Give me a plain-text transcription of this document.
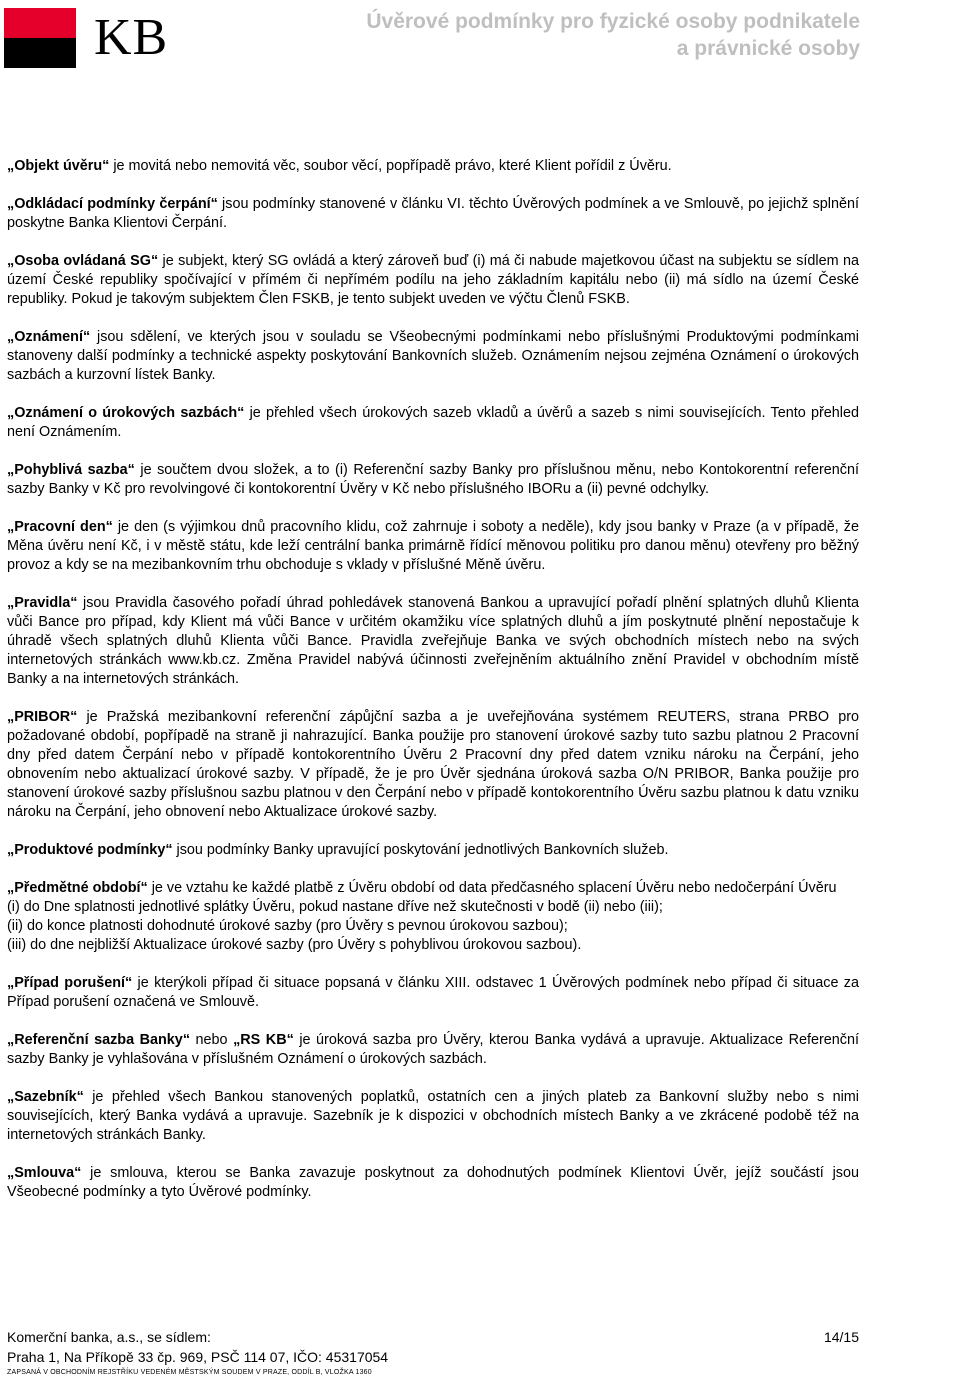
KB	Úvěrové podmínky pro fyzické osoby podnikatele
a právnické osoby

„Objekt úvěru“ je movitá nebo nemovitá věc, soubor věcí, popřípadě právo, které Klient pořídil z Úvěru.

„Odkládací podmínky čerpání“ jsou podmínky stanovené v článku VI. těchto Úvěrových podmínek a ve Smlouvě, po jejichž splnění poskytne Banka Klientovi Čerpání.

„Osoba ovládaná SG“ je subjekt, který SG ovládá a který zároveň buď (i) má či nabude majetkovou účast na subjektu se sídlem na území České republiky spočívající v přímém či nepřímém podílu na jeho základním kapitálu nebo (ii) má sídlo na území České republiky. Pokud je takovým subjektem Člen FSKB, je tento subjekt uveden ve výčtu Členů FSKB.

„Oznámení“ jsou sdělení, ve kterých jsou v souladu se Všeobecnými podmínkami nebo příslušnými Produktovými podmínkami stanoveny další podmínky a technické aspekty poskytování Bankovních služeb. Oznámením nejsou zejména Oznámení o úrokových sazbách a kurzovní lístek Banky.

„Oznámení o úrokových sazbách“ je přehled všech úrokových sazeb vkladů a úvěrů a sazeb s nimi souvisejících. Tento přehled není Oznámením.

„Pohyblivá sazba“ je součtem dvou složek, a to (i) Referenční sazby Banky pro příslušnou měnu, nebo Kontokorentní referenční sazby Banky v Kč pro revolvingové či kontokorentní Úvěry v Kč nebo příslušného IBORu a (ii) pevné odchylky.

„Pracovní den“ je den (s výjimkou dnů pracovního klidu, což zahrnuje i soboty a neděle), kdy jsou banky v Praze (a v případě, že Měna úvěru není Kč, i v městě státu, kde leží centrální banka primárně řídící měnovou politiku pro danou měnu) otevřeny pro běžný provoz a kdy se na mezibankovním trhu obchoduje s vklady v příslušné Měně úvěru.

„Pravidla“ jsou Pravidla časového pořadí úhrad pohledávek stanovená Bankou a upravující pořadí plnění splatných dluhů Klienta vůči Bance pro případ, kdy Klient má vůči Bance v určitém okamžiku více splatných dluhů a jím poskytnuté plnění nepostačuje k úhradě všech splatných dluhů Klienta vůči Bance. Pravidla zveřejňuje Banka ve svých obchodních místech nebo na svých internetových stránkách www.kb.cz. Změna Pravidel nabývá účinnosti zveřejněním aktuálního znění Pravidel v obchodním místě Banky a na internetových stránkách.

„PRIBOR“ je Pražská mezibankovní referenční zápůjční sazba a je uveřejňována systémem REUTERS, strana PRBO pro požadované období, popřípadě na straně ji nahrazující. Banka použije pro stanovení úrokové sazby tuto sazbu platnou 2 Pracovní dny před datem Čerpání nebo v případě kontokorentního Úvěru 2 Pracovní dny před datem vzniku nároku na Čerpání, jeho obnovením nebo aktualizací úrokové sazby. V případě, že je pro Úvěr sjednána úroková sazba O/N PRIBOR, Banka použije pro stanovení úrokové sazby příslušnou sazbu platnou v den Čerpání nebo v případě kontokorentního Úvěru sazbu platnou k datu vzniku nároku na Čerpání, jeho obnovení nebo Aktualizace úrokové sazby.

„Produktové podmínky“ jsou podmínky Banky upravující poskytování jednotlivých Bankovních služeb.

„Předmětné období“ je ve vztahu ke každé platbě z Úvěru období od data předčasného splacení Úvěru nebo nedočerpání Úvěru
(i) do Dne splatnosti jednotlivé splátky Úvěru, pokud nastane dříve než skutečnosti v bodě (ii) nebo (iii);
(ii) do konce platnosti dohodnuté úrokové sazby (pro Úvěry s pevnou úrokovou sazbou);
(iii) do dne nejbližší Aktualizace úrokové sazby (pro Úvěry s pohyblivou úrokovou sazbou).

„Případ porušení“ je kterýkoli případ či situace popsaná v článku XIII. odstavec 1 Úvěrových podmínek nebo případ či situace za Případ porušení označená ve Smlouvě.

„Referenční sazba Banky“ nebo „RS KB“ je úroková sazba pro Úvěry, kterou Banka vydává a upravuje. Aktualizace Referenční sazby Banky je vyhlašována v příslušném Oznámení o úrokových sazbách.

„Sazebník“ je přehled všech Bankou stanovených poplatků, ostatních cen a jiných plateb za Bankovní služby nebo s nimi souvisejících, který Banka vydává a upravuje. Sazebník je k dispozici v obchodních místech Banky a ve zkrácené podobě též na internetových stránkách Banky.

„Smlouva“ je smlouva, kterou se Banka zavazuje poskytnout za dohodnutých podmínek Klientovi Úvěr, jejíž součástí jsou Všeobecné podmínky a tyto Úvěrové podmínky.

Komerční banka, a.s., se sídlem:	14/15
Praha 1, Na Příkopě 33 čp. 969, PSČ 114 07, IČO: 45317054
ZAPSANÁ V OBCHODNÍM REJSTŘÍKU VEDENÉM MĚSTSKÝM SOUDEM V PRAZE, ODDÍL B, VLOŽKA 1360
